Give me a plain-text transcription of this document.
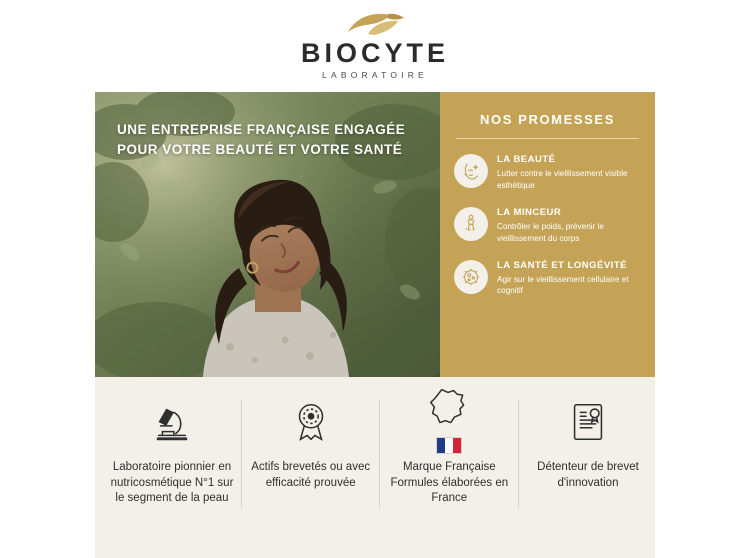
BIOCYTE
LABORATOIRE
UNE ENTREPRISE FRANÇAISE ENGAGÉE
POUR VOTRE BEAUTÉ ET VOTRE SANTÉ
NOS PROMESSES
LA BEAUTÉ
Lutter contre le vieillissement visible esthétique
LA MINCEUR
Contrôler le poids, prévenir le vieillissement du corps
LA SANTÉ ET LONGÉVITÉ
Agir sur le vieillissement cellulaire et cognitif
Laboratoire pionnier en nutricosmétique N°1 sur le segment de la peau
Actifs brevetés ou avec efficacité prouvée
Marque Française Formules élaborées en France
Détenteur de brevet d'innovation
